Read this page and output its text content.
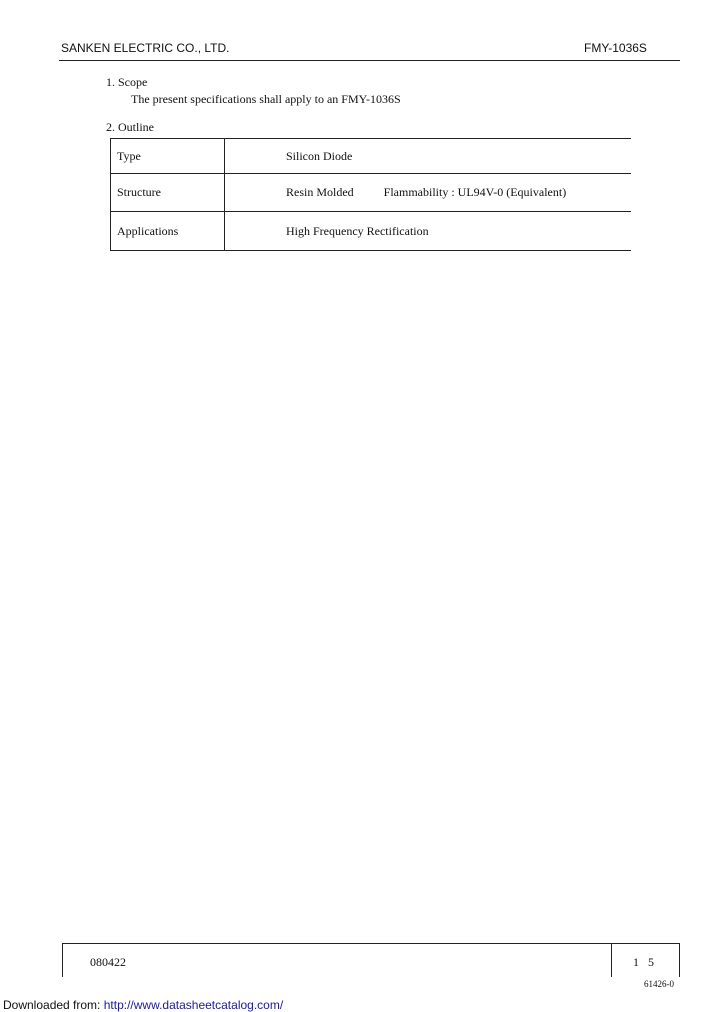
SANKEN ELECTRIC CO., LTD.	FMY-1036S
1. Scope
The present specifications shall apply to an FMY-1036S
2. Outline
Type	Silicon Diode
Structure	Resin Molded Flammability : UL94V-0 (Equivalent)
Applications	High Frequency Rectification
080422	1   5
61426-0
Downloaded from: http://www.datasheetcatalog.com/
